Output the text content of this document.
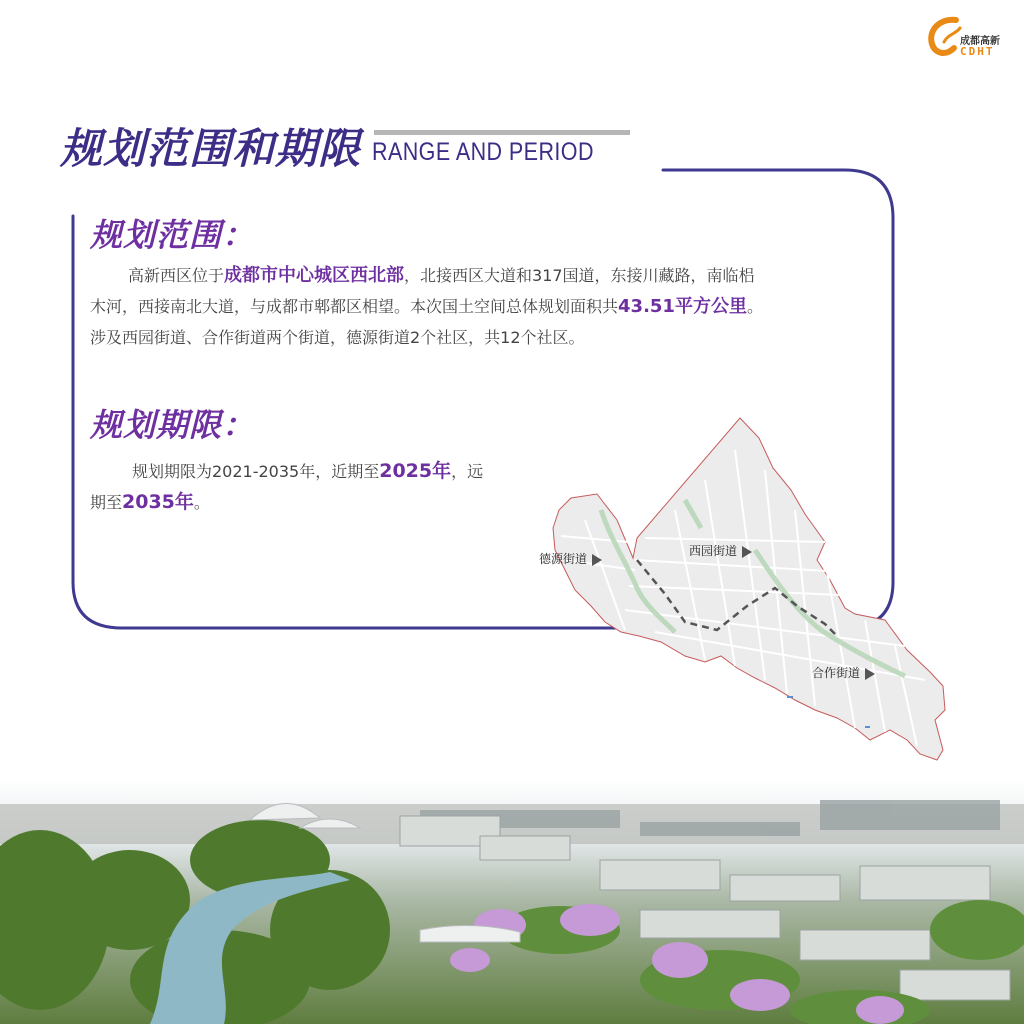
成都高新
CDHT
规划范围和期限 RANGE AND PERIOD
规划范围：
高新西区位于成都市中心城区西北部，北接西区大道和317国道，东接川藏路，南临梠
木河，西接南北大道，与成都市郫都区相望。本次国土空间总体规划面积共43.51平方公里。
涉及西园街道、合作街道两个街道，德源街道2个社区，共12个社区。
规划期限：
规划期限为2021-2035年，近期至2025年，远
期至2035年。
德源街道
西园街道
合作街道
